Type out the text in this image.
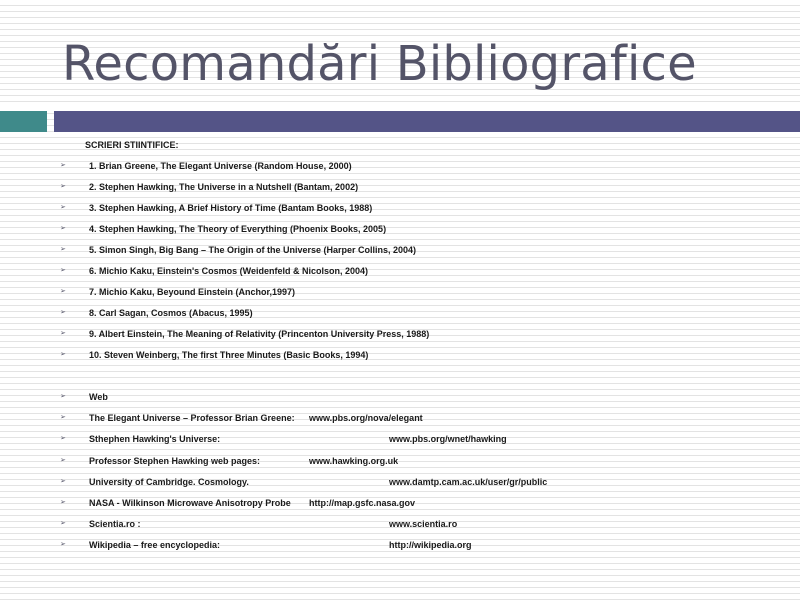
Recomandări Bibliografice
SCRIERI STIINTIFICE:
➢	1. Brian Greene, The Elegant Universe (Random House, 2000)
➢	2. Stephen Hawking, The Universe in a Nutshell (Bantam, 2002)
➢	3. Stephen Hawking, A Brief History of Time (Bantam Books, 1988)
➢	4. Stephen Hawking, The Theory of Everything (Phoenix Books, 2005)
➢	5. Simon Singh, Big Bang – The Origin of the Universe (Harper Collins, 2004)
➢	6. Michio Kaku, Einstein's Cosmos (Weidenfeld & Nicolson, 2004)
➢	7. Michio Kaku, Beyound Einstein (Anchor,1997)
➢	8. Carl Sagan, Cosmos (Abacus, 1995)
➢	9. Albert Einstein, The Meaning of Relativity (Princenton University Press, 1988)
➢	10. Steven Weinberg, The first Three Minutes (Basic Books, 1994)
➢	Web
➢	The Elegant Universe – Professor Brian Greene: www.pbs.org/nova/elegant
➢	Sthephen Hawking's Universe:	www.pbs.org/wnet/hawking
➢	Professor Stephen Hawking web pages:	www.hawking.org.uk
➢	University of Cambridge. Cosmology.	www.damtp.cam.ac.uk/user/gr/public
➢	NASA - Wilkinson Microwave Anisotropy Probe http://map.gsfc.nasa.gov
➢	Scientia.ro :	www.scientia.ro
➢	Wikipedia – free encyclopedia:	http://wikipedia.org
